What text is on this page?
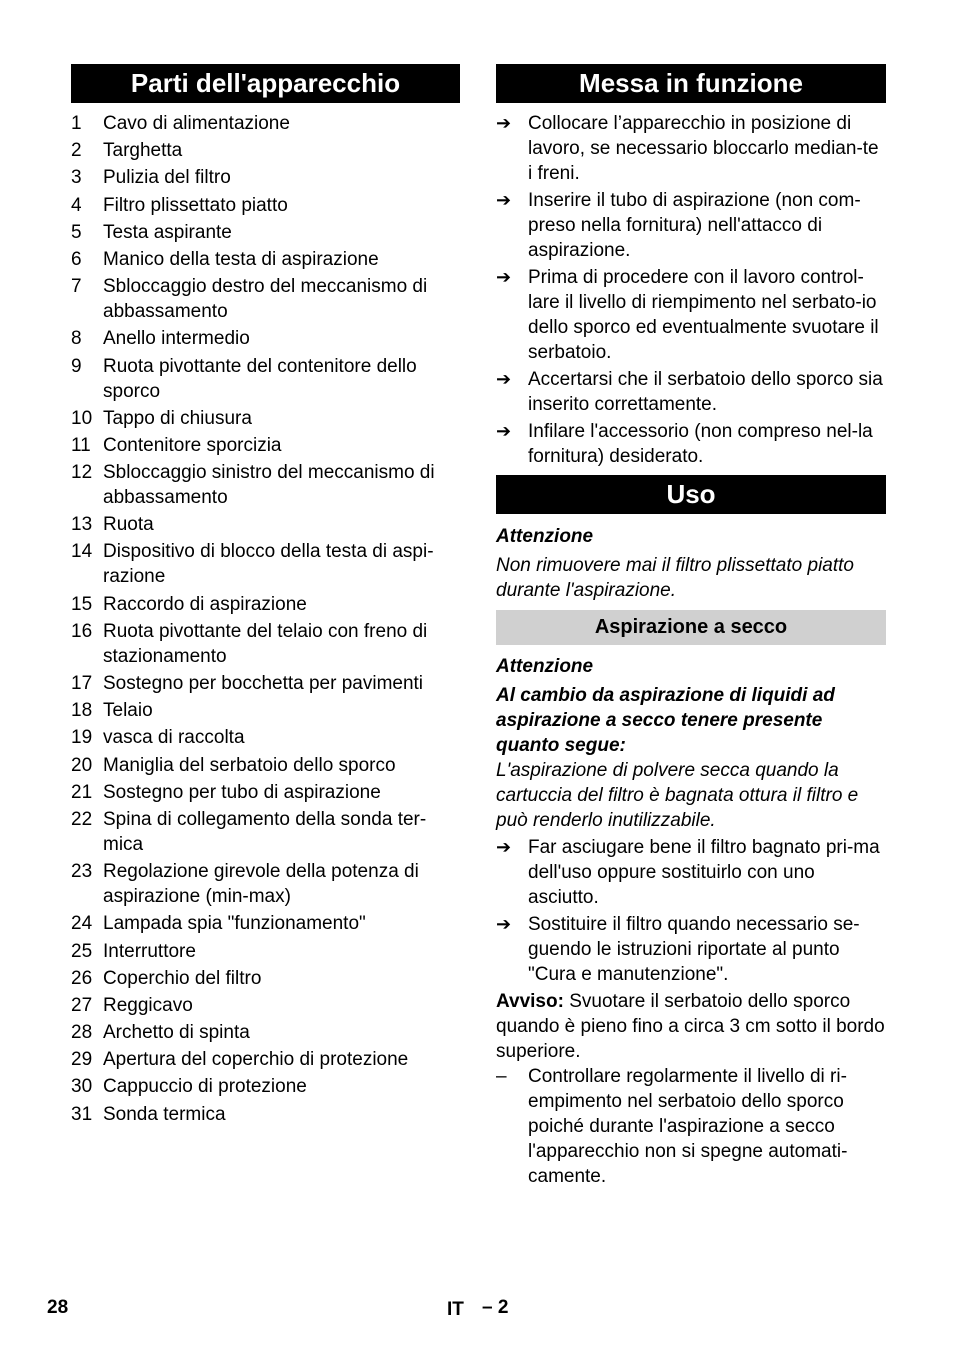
Parti dell'apparecchio
1	Cavo di alimentazione
2	Targhetta
3	Pulizia del filtro
4	Filtro plissettato piatto
5	Testa aspirante
6	Manico della testa di aspirazione
7	Sbloccaggio destro del meccanismo di abbassamento
8	Anello intermedio
9	Ruota pivottante del contenitore dello sporco
10 Tappo di chiusura
11 Contenitore sporcizia
12 Sbloccaggio sinistro del meccanismo di abbassamento
13 Ruota
14 Dispositivo di blocco della testa di aspi-razione
15 Raccordo di aspirazione
16 Ruota pivottante del telaio con freno di stazionamento
17 Sostegno per bocchetta per pavimenti
18 Telaio
19 vasca di raccolta
20 Maniglia del serbatoio dello sporco
21 Sostegno per tubo di aspirazione
22 Spina di collegamento della sonda ter-mica
23 Regolazione girevole della potenza di aspirazione (min-max)
24 Lampada spia "funzionamento"
25 Interruttore
26 Coperchio del filtro
27 Reggicavo
28 Archetto di spinta
29 Apertura del coperchio di protezione
30 Cappuccio di protezione
31 Sonda termica
Messa in funzione
➔ Collocare l’apparecchio in posizione di lavoro, se necessario bloccarlo median-te i freni.
➔ Inserire il tubo di aspirazione (non com-preso nella fornitura) nell'attacco di aspirazione.
➔ Prima di procedere con il lavoro control-lare il livello di riempimento nel serbato-io dello sporco ed eventualmente svuotare il serbatoio.
➔ Accertarsi che il serbatoio dello sporco sia inserito correttamente.
➔ Infilare l'accessorio (non compreso nel-la fornitura) desiderato.
Uso
Attenzione
Non rimuovere mai il filtro plissettato piatto durante l'aspirazione.
Aspirazione a secco
Attenzione
Al cambio da aspirazione di liquidi ad aspirazione a secco tenere presente quanto segue:
L'aspirazione di polvere secca quando la cartuccia del filtro è bagnata ottura il filtro e può renderlo inutilizzabile.
➔ Far asciugare bene il filtro bagnato pri-ma dell'uso oppure sostituirlo con uno asciutto.
➔ Sostituire il filtro quando necessario se-guendo le istruzioni riportate al punto "Cura e manutenzione".
Avviso: Svuotare il serbatoio dello sporco quando è pieno fino a circa 3 cm sotto il bordo superiore.
–	Controllare regolarmente il livello di ri-empimento nel serbatoio dello sporco poiché durante l'aspirazione a secco l'apparecchio non si spegne automati-camente.
28	IT – 2
